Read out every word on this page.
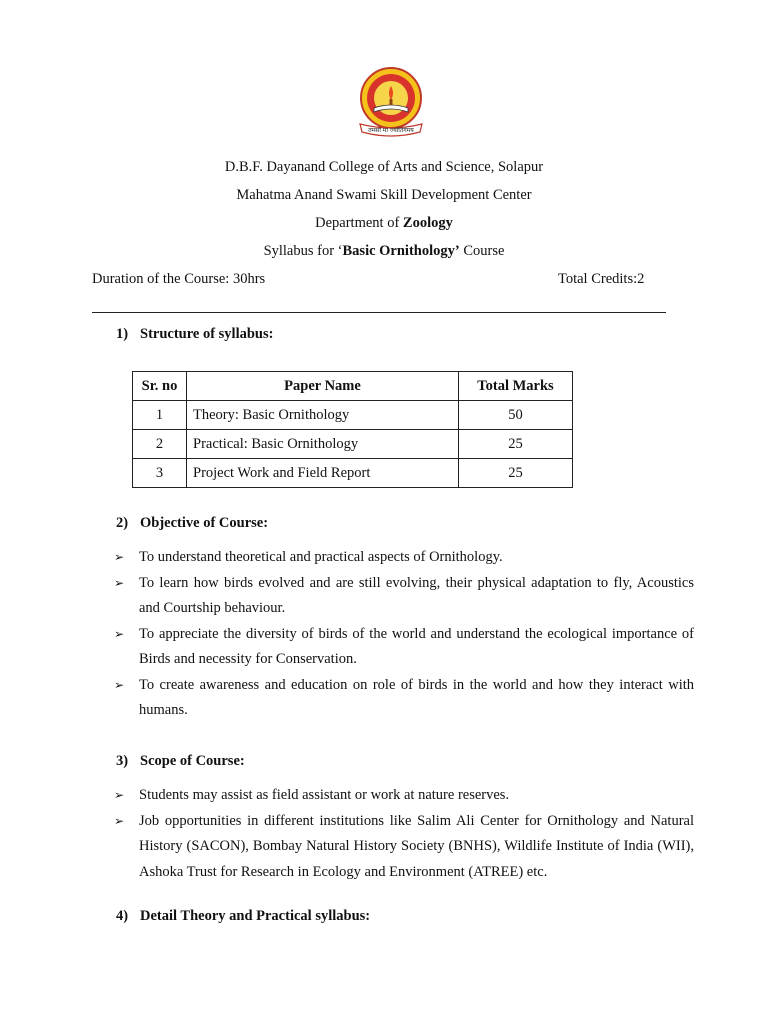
तमसो मा ज्योतिर्गमय
D.B.F. Dayanand College of Arts and Science, Solapur
Mahatma Anand Swami Skill Development Center
Department of Zoology
Syllabus for ‘Basic Ornithology’ Course
Duration of the Course: 30hrs	Total Credits:2
1) Structure of syllabus:
Sr. no	Paper Name	Total Marks
1	Theory: Basic Ornithology	50
2	Practical: Basic Ornithology	25
3	Project Work and Field Report	25
2) Objective of Course:
➢ To understand theoretical and practical aspects of Ornithology.
➢ To learn how birds evolved and are still evolving, their physical adaptation to fly, Acoustics and Courtship behaviour.
➢ To appreciate the diversity of birds of the world and understand the ecological importance of Birds and necessity for Conservation.
➢ To create awareness and education on role of birds in the world and how they interact with humans.
3) Scope of Course:
➢ Students may assist as field assistant or work at nature reserves.
➢ Job opportunities in different institutions like Salim Ali Center for Ornithology and Natural History (SACON), Bombay Natural History Society (BNHS), Wildlife Institute of India (WII), Ashoka Trust for Research in Ecology and Environment (ATREE) etc.
4) Detail Theory and Practical syllabus:
